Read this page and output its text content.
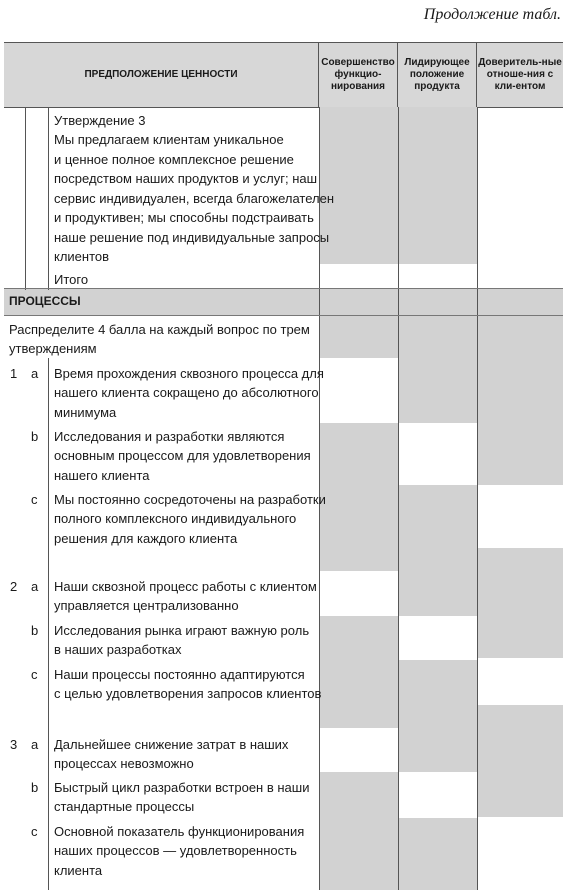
Продолжение табл.
ПРЕДПОЛОЖЕНИЕ ЦЕННОСТИ
Совершенство функцио-нирования
Лидирующее положение продукта
Доверитель-ные отноше-ния с кли-ентом
Утверждение 3
Мы предлагаем клиентам уникальное
и ценное полное комплексное решение
посредством наших продуктов и услуг; наш
сервис индивидуален, всегда благожелателен
и продуктивен; мы способны подстраивать
наше решение под индивидуальные запросы
клиентов
Итого
ПРОЦЕССЫ
Распределите 4 балла на каждый вопрос по трем
утверждениям
1 a Время прохождения сквозного процесса для
нашего клиента сокращено до абсолютного
минимума
b Исследования и разработки являются
основным процессом для удовлетворения
нашего клиента
c Мы постоянно сосредоточены на разработки
полного комплексного индивидуального
решения для каждого клиента
2 a Наши сквозной процесс работы с клиентом
управляется централизованно
b Исследования рынка играют важную роль
в наших разработках
c Наши процессы постоянно адаптируются
с целью удовлетворения запросов клиентов
3 a Дальнейшее снижение затрат в наших
процессах невозможно
b Быстрый цикл разработки встроен в наши
стандартные процессы
c Основной показатель функционирования
наших процессов — удовлетворенность
клиента
